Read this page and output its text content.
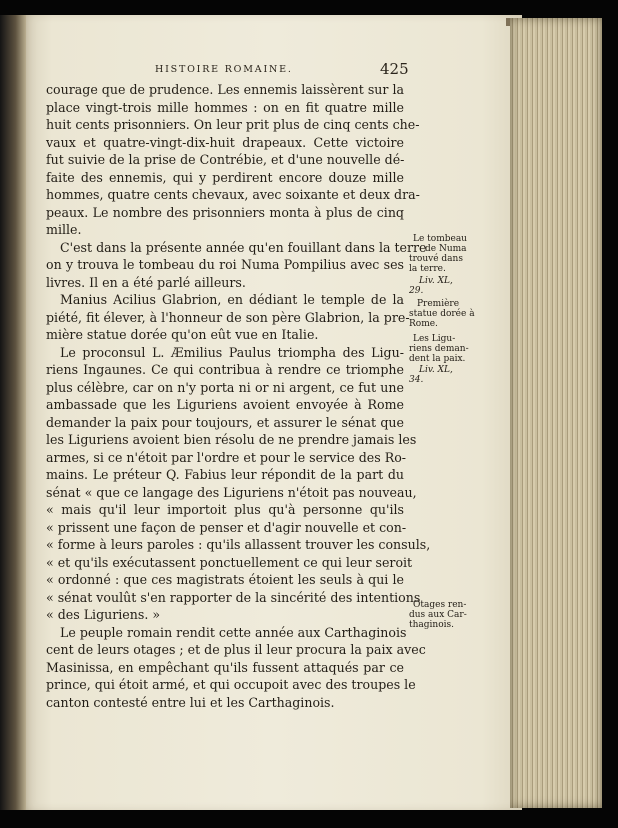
HISTOIRE ROMAINE.	425
courage que de prudence. Les ennemis laissèrent sur la
place vingt-trois mille hommes : on en fit quatre mille
huit cents prisonniers. On leur prit plus de cinq cents che-
vaux et quatre-vingt-dix-huit drapeaux. Cette victoire
fut suivie de la prise de Contrébie, et d'une nouvelle dé-
faite des ennemis, qui y perdirent encore douze mille
hommes, quatre cents chevaux, avec soixante et deux dra-
peaux. Le nombre des prisonniers monta à plus de cinq
mille.
C'est dans la présente année qu'en fouillant dans la terre
on y trouva le tombeau du roi Numa Pompilius avec ses
livres. Il en a été parlé ailleurs.
Manius Acilius Glabrion, en dédiant le temple de la
piété, fit élever, à l'honneur de son père Glabrion, la pre-
mière statue dorée qu'on eût vue en Italie.
Le proconsul L. Æmilius Paulus triompha des Ligu-
riens Ingaunes. Ce qui contribua à rendre ce triomphe
plus célèbre, car on n'y porta ni or ni argent, ce fut une
ambassade que les Liguriens avoient envoyée à Rome
demander la paix pour toujours, et assurer le sénat que
les Liguriens avoient bien résolu de ne prendre jamais les
armes, si ce n'étoit par l'ordre et pour le service des Ro-
mains. Le préteur Q. Fabius leur répondit de la part du
sénat « que ce langage des Liguriens n'étoit pas nouveau,
« mais qu'il leur importoit plus qu'à personne qu'ils
« prissent une façon de penser et d'agir nouvelle et con-
« forme à leurs paroles : qu'ils allassent trouver les consuls,
« et qu'ils exécutassent ponctuellement ce qui leur seroit
« ordonné : que ces magistrats étoient les seuls à qui le
« sénat voulût s'en rapporter de la sincérité des intentions
« des Liguriens. »
Le peuple romain rendit cette année aux Carthaginois
cent de leurs otages ; et de plus il leur procura la paix avec
Masinissa, en empêchant qu'ils fussent attaqués par ce
prince, qui étoit armé, et qui occupoit avec des troupes le
canton contesté entre lui et les Carthaginois.
Le tombeau
de Numa
trouvé dans
la terre.
Liv. XL,
29.
Première
statue dorée à
Rome.
Les Ligu-
riens deman-
dent la paix.
Liv. XL,
34.
Otages ren-
dus aux Car-
thaginois.
